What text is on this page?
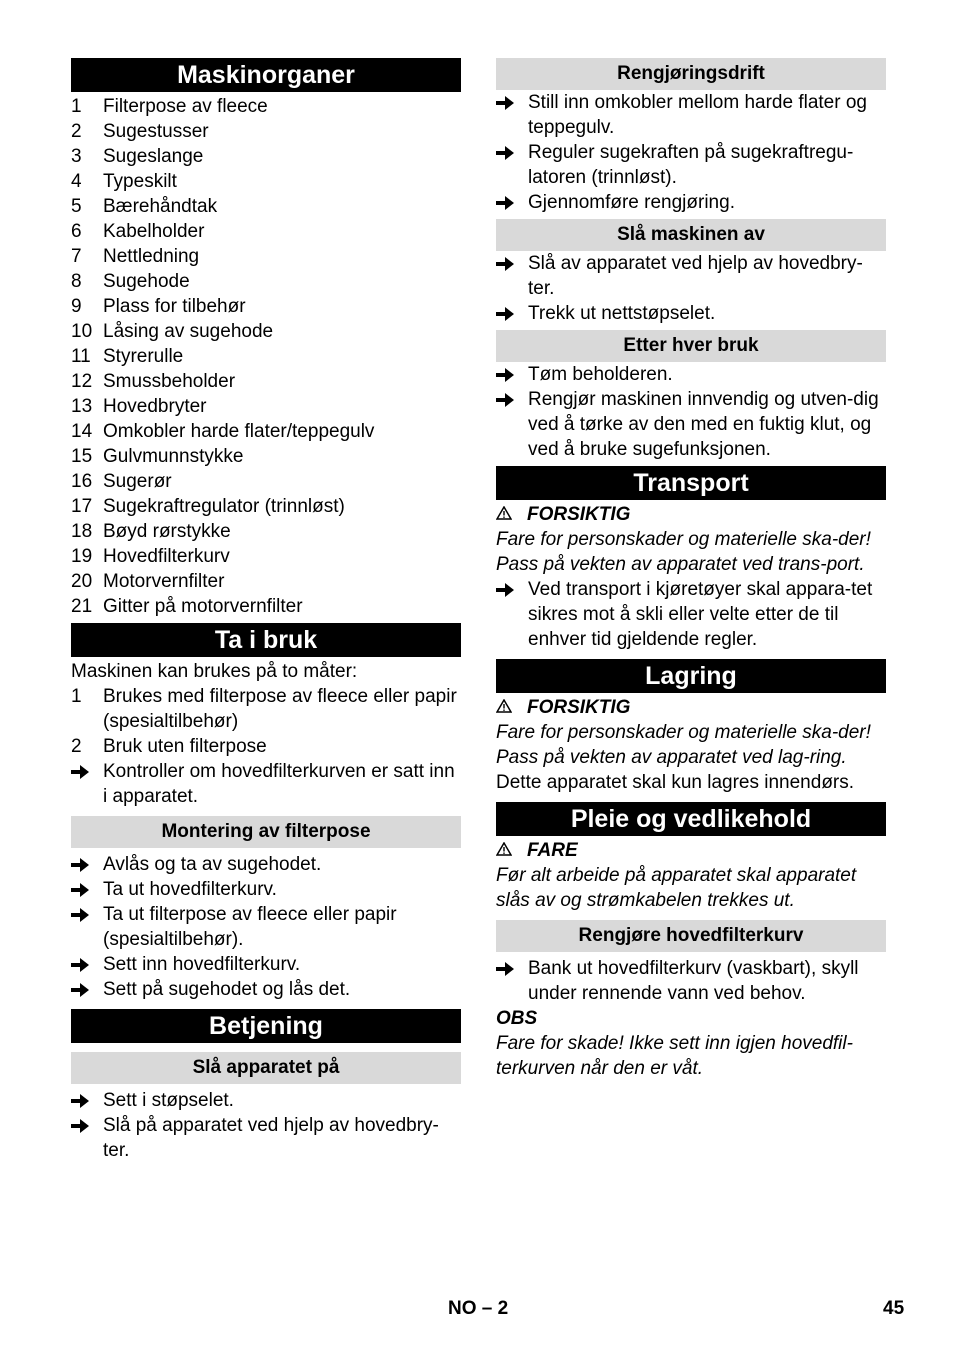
Maskinorganer
1	Filterpose av fleece
2	Sugestusser
3	Sugeslange
4	Typeskilt
5	Bærehåndtak
6	Kabelholder
7	Nettledning
8	Sugehode
9	Plass for tilbehør
10 Låsing av sugehode
11 Styrerulle
12 Smussbeholder
13 Hovedbryter
14 Omkobler harde flater/teppegulv
15 Gulvmunnstykke
16 Sugerør
17 Sugekraftregulator (trinnløst)
18 Bøyd rørstykke
19 Hovedfilterkurv
20 Motorvernfilter
21 Gitter på motorvernfilter
Ta i bruk
Maskinen kan brukes på to måter:
1	Brukes med filterpose av fleece eller papir (spesialtilbehør)
2	Bruk uten filterpose
Kontroller om hovedfilterkurven er satt inn i apparatet.
Montering av filterpose
Avlås og ta av sugehodet.
Ta ut hovedfilterkurv.
Ta ut filterpose av fleece eller papir (spesialtilbehør).
Sett inn hovedfilterkurv.
Sett på sugehodet og lås det.
Betjening
Slå apparatet på
Sett i støpselet.
Slå på apparatet ved hjelp av hovedbry-ter.
Rengjøringsdrift
Still inn omkobler mellom harde flater og teppegulv.
Reguler sugekraften på sugekraftregu-latoren (trinnløst).
Gjennomføre rengjøring.
Slå maskinen av
Slå av apparatet ved hjelp av hovedbry-ter.
Trekk ut nettstøpselet.
Etter hver bruk
Tøm beholderen.
Rengjør maskinen innvendig og utven-dig ved å tørke av den med en fuktig klut, og ved å bruke sugefunksjonen.
Transport
FORSIKTIG
Fare for personskader og materielle ska-der! Pass på vekten av apparatet ved trans-port.
Ved transport i kjøretøyer skal appara-tet sikres mot å skli eller velte etter de til enhver tid gjeldende regler.
Lagring
FORSIKTIG
Fare for personskader og materielle ska-der! Pass på vekten av apparatet ved lag-ring.
Dette apparatet skal kun lagres innendørs.
Pleie og vedlikehold
FARE
Før alt arbeide på apparatet skal apparatet slås av og strømkabelen trekkes ut.
Rengjøre hovedfilterkurv
Bank ut hovedfilterkurv (vaskbart), skyll under rennende vann ved behov.
OBS
Fare for skade! Ikke sett inn igjen hovedfil-terkurven når den er våt.
NO – 2	45
